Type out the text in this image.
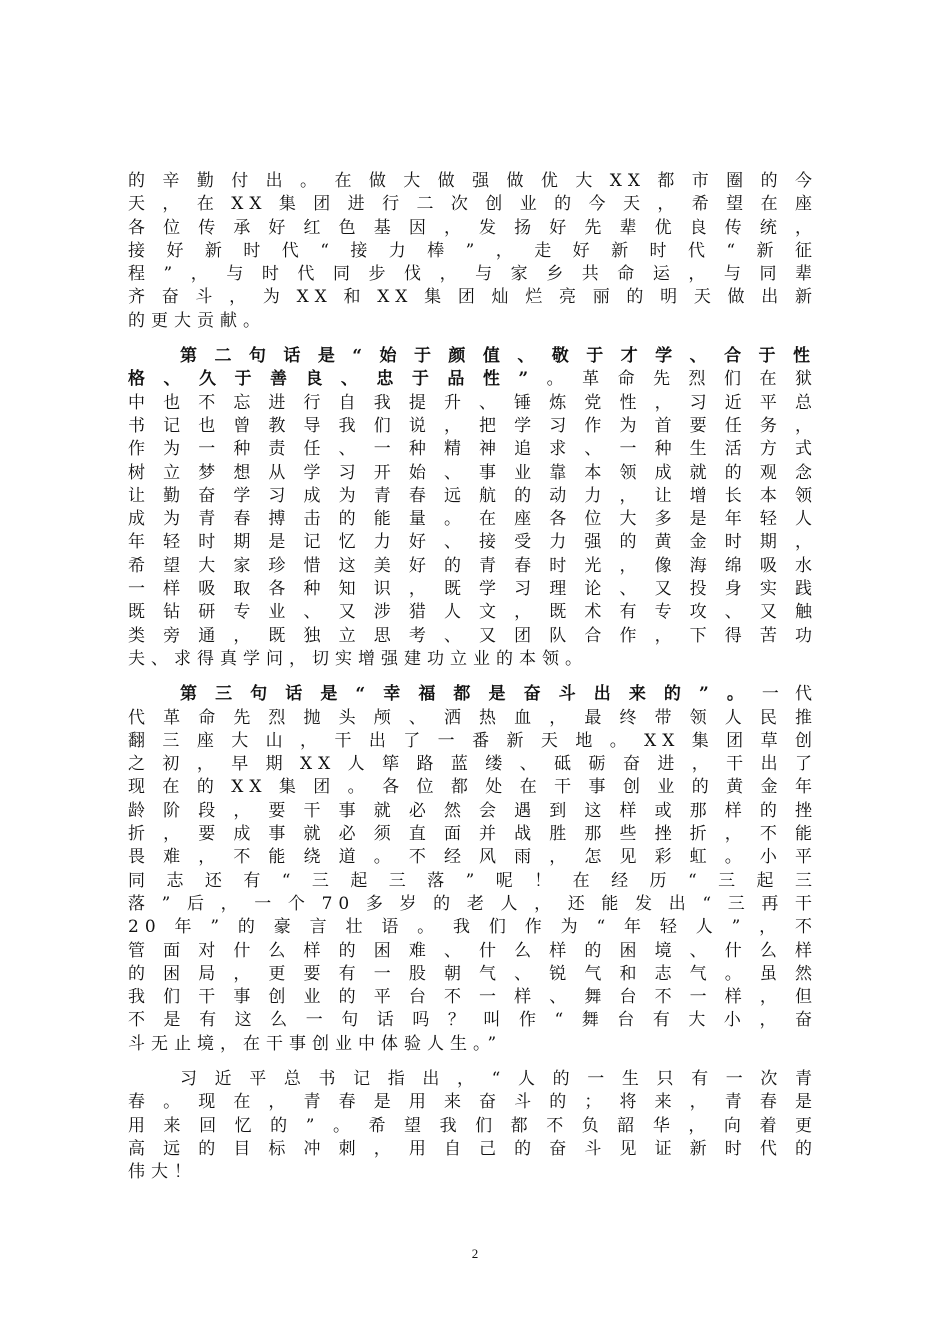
的辛勤付出。在做大做强做优大XX都市圈的今
天，在XX集团进行二次创业的今天，希望在座
各位传承好红色基因，发扬好先辈优良传统，
接好新时代“接力棒”，走好新时代“新征
程”，与时代同步伐，与家乡共命运，与同辈
齐奋斗，为XX和XX集团灿烂亮丽的明天做出新
的更大贡献。
第二句话是“始于颜值、敬于才学、合于性
格、久于善良、忠于品性”。革命先烈们在狱
中也不忘进行自我提升、锤炼党性，习近平总
书记也曾教导我们说，把学习作为首要任务，
作为一种责任、一种精神追求、一种生活方式
树立梦想从学习开始、事业靠本领成就的观念
让勤奋学习成为青春远航的动力，让增长本领
成为青春搏击的能量。在座各位大多是年轻人
年轻时期是记忆力好、接受力强的黄金时期，
希望大家珍惜这美好的青春时光，像海绵吸水
一样吸取各种知识，既学习理论、又投身实践
既钻研专业、又涉猎人文，既术有专攻、又触
类旁通，既独立思考、又团队合作，下得苦功
夫、求得真学问，切实增强建功立业的本领。
第三句话是“幸福都是奋斗出来的”。一代
代革命先烈抛头颅、洒热血，最终带领人民推
翻三座大山，干出了一番新天地。XX集团草创
之初，早期XX人筚路蓝缕、砥砺奋进，干出了
现在的XX集团。各位都处在干事创业的黄金年
龄阶段，要干事就必然会遇到这样或那样的挫
折，要成事就必须直面并战胜那些挫折，不能
畏难，不能绕道。不经风雨，怎见彩虹。小平
同志还有“三起三落”呢！在经历“三起三
落”后，一个70多岁的老人，还能发出“三再干
20年”的豪言壮语。我们作为“年轻人”，不
管面对什么样的困难、什么样的困境、什么样
的困局，更要有一股朝气、锐气和志气。虽然
我们干事创业的平台不一样、舞台不一样，但
不是有这么一句话吗？叫作“舞台有大小，奋
斗无止境，在干事创业中体验人生。”
习近平总书记指出，“人的一生只有一次青
春。现在，青春是用来奋斗的；将来，青春是
用来回忆的”。希望我们都不负韶华，向着更
高远的目标冲刺，用自己的奋斗见证新时代的
伟大！
2
